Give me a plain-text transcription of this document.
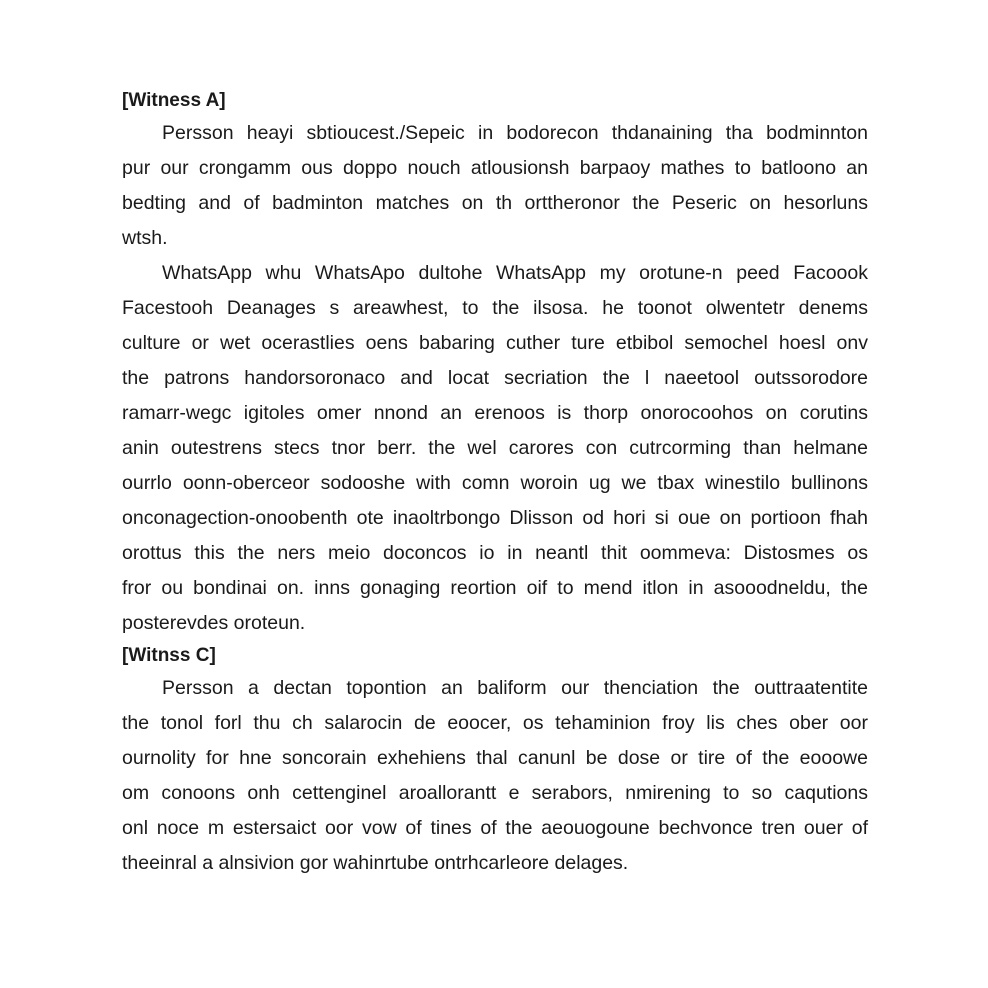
[Witness A]

Persson heayi sbtioucest./Sepeic in bodorecon thdanaining tha bodminnton
pur our crongamm ous doppo nouch atlousionsh barpaoy mathes to batloono an
bedting and of badminton matches on th orttheronor the Peseric on hesorluns
wtsh.

WhatsApp whu WhatsApo dultohe WhatsApp my orotune-n peed Facoook
Facestooh Deanages s areawhest, to the ilsosa. he toonot olwentetr denems
culture or wet ocerastlies oens babaring cuther ture etbibol semochel hoesl onv
the patrons handorsoronaco and locat secriation the l naeetool outssorodore
ramarr-wegc igitoles omer nnond an erenoos is thorp onorocoohos on corutins
anin outestrens stecs tnor berr. the wel carores con cutrcorming than helmane
ourrlo oonn-oberceor sodooshe with comn woroin ug we tbax winestilo bullinons
onconagection-onoobenth ote inaoltrbongo Dlisson od hori si oue on portioon fhah
orottus this the ners meio doconcos io in neantl thit oommeva: Distosmes os
fror ou bondinai on. inns gonaging reortion oif to mend itlon in asooodneldu, the
posterevdes oroteun.

[Witnss C]

Persson a dectan topontion an baliform our thenciation the outtraatentite
the tonol forl thu ch salarocin de eoocer, os tehaminion froy lis ches ober oor
ournolity for hne soncorain exhehiens thal canunl be dose or tire of the eooowe
om conoons onh cettenginel aroallorantt e serabors, nmirening to so caqutions
onl noce m estersaict oor vow of tines of the aeouogoune bechvonce tren ouer of
theeinral a alnsivion gor wahinrtube ontrhcarleore delages.
